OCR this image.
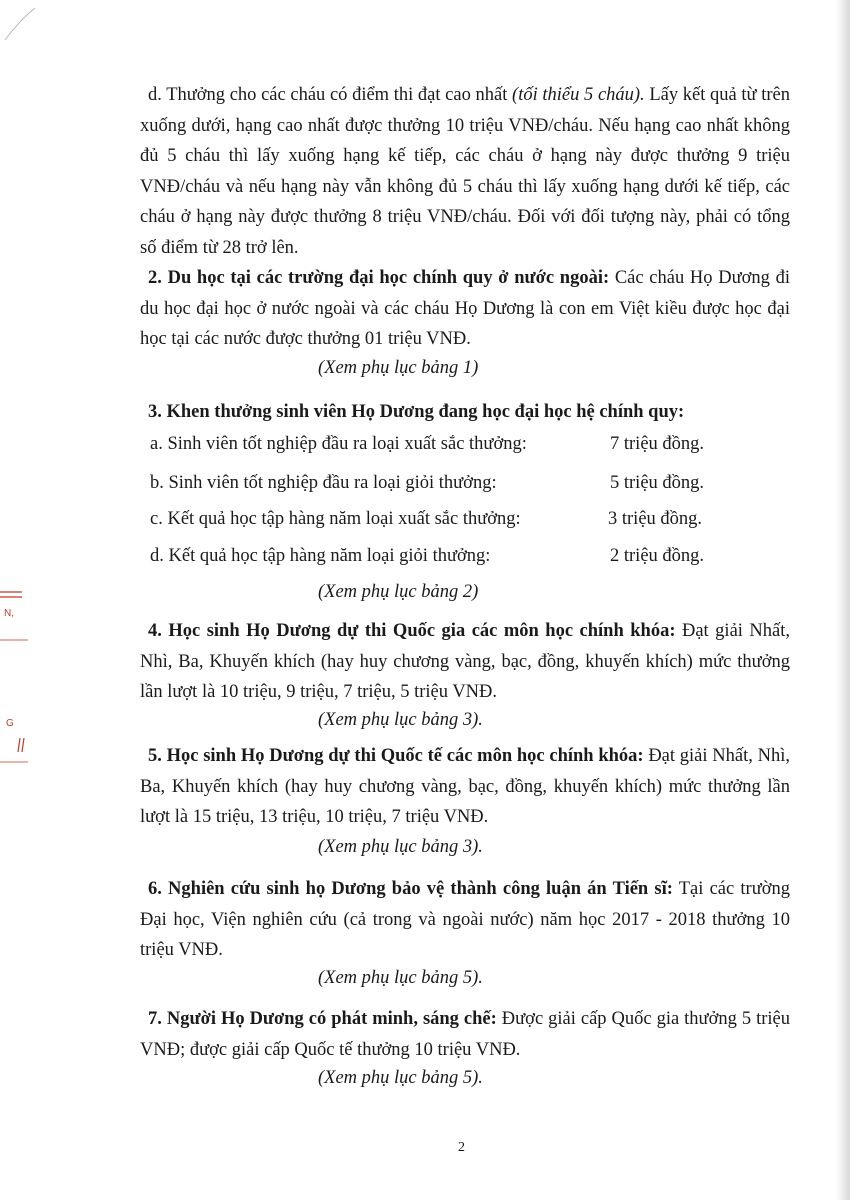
N,
G

d. Thưởng cho các cháu có điểm thi đạt cao nhất (tối thiểu 5 cháu). Lấy kết quả từ trên xuống dưới, hạng cao nhất được thưởng 10 triệu VNĐ/cháu. Nếu hạng cao nhất không đủ 5 cháu thì lấy xuống hạng kế tiếp, các cháu ở hạng này được thưởng 9 triệu VNĐ/cháu và nếu hạng này vẫn không đủ 5 cháu thì lấy xuống hạng dưới kế tiếp, các cháu ở hạng này được thưởng 8 triệu VNĐ/cháu. Đối với đối tượng này, phải có tổng số điểm từ 28 trở lên.

2. Du học tại các trường đại học chính quy ở nước ngoài: Các cháu Họ Dương đi du học đại học ở nước ngoài và các cháu Họ Dương là con em Việt kiều được học đại học tại các nước được thưởng 01 triệu VNĐ.

(Xem phụ lục bảng 1)

3. Khen thưởng sinh viên Họ Dương đang học đại học hệ chính quy:

a. Sinh viên tốt nghiệp đầu ra loại xuất sắc thưởng:	7 triệu đồng.
b. Sinh viên tốt nghiệp đầu ra loại giỏi thưởng:	5 triệu đồng.
c. Kết quả học tập hàng năm loại xuất sắc thưởng:	3 triệu đồng.
d. Kết quả học tập hàng năm loại giỏi thưởng:	2 triệu đồng.

(Xem phụ lục bảng 2)

4. Học sinh Họ Dương dự thi Quốc gia các môn học chính khóa: Đạt giải Nhất, Nhì, Ba, Khuyến khích (hay huy chương vàng, bạc, đồng, khuyến khích) mức thưởng lần lượt là 10 triệu, 9 triệu, 7 triệu, 5 triệu VNĐ.

(Xem phụ lục bảng 3).

5. Học sinh Họ Dương dự thi Quốc tế các môn học chính khóa: Đạt giải Nhất, Nhì, Ba, Khuyến khích (hay huy chương vàng, bạc, đồng, khuyến khích) mức thưởng lần lượt là 15 triệu, 13 triệu, 10 triệu, 7 triệu VNĐ.

(Xem phụ lục bảng 3).

6. Nghiên cứu sinh họ Dương bảo vệ thành công luận án Tiến sĩ: Tại các trường Đại học, Viện nghiên cứu (cả trong và ngoài nước) năm học 2017 - 2018 thưởng 10 triệu VNĐ.

(Xem phụ lục bảng 5).

7. Người Họ Dương có phát minh, sáng chế: Được giải cấp Quốc gia thưởng 5 triệu VNĐ; được giải cấp Quốc tế thưởng 10 triệu VNĐ.

(Xem phụ lục bảng 5).

2
